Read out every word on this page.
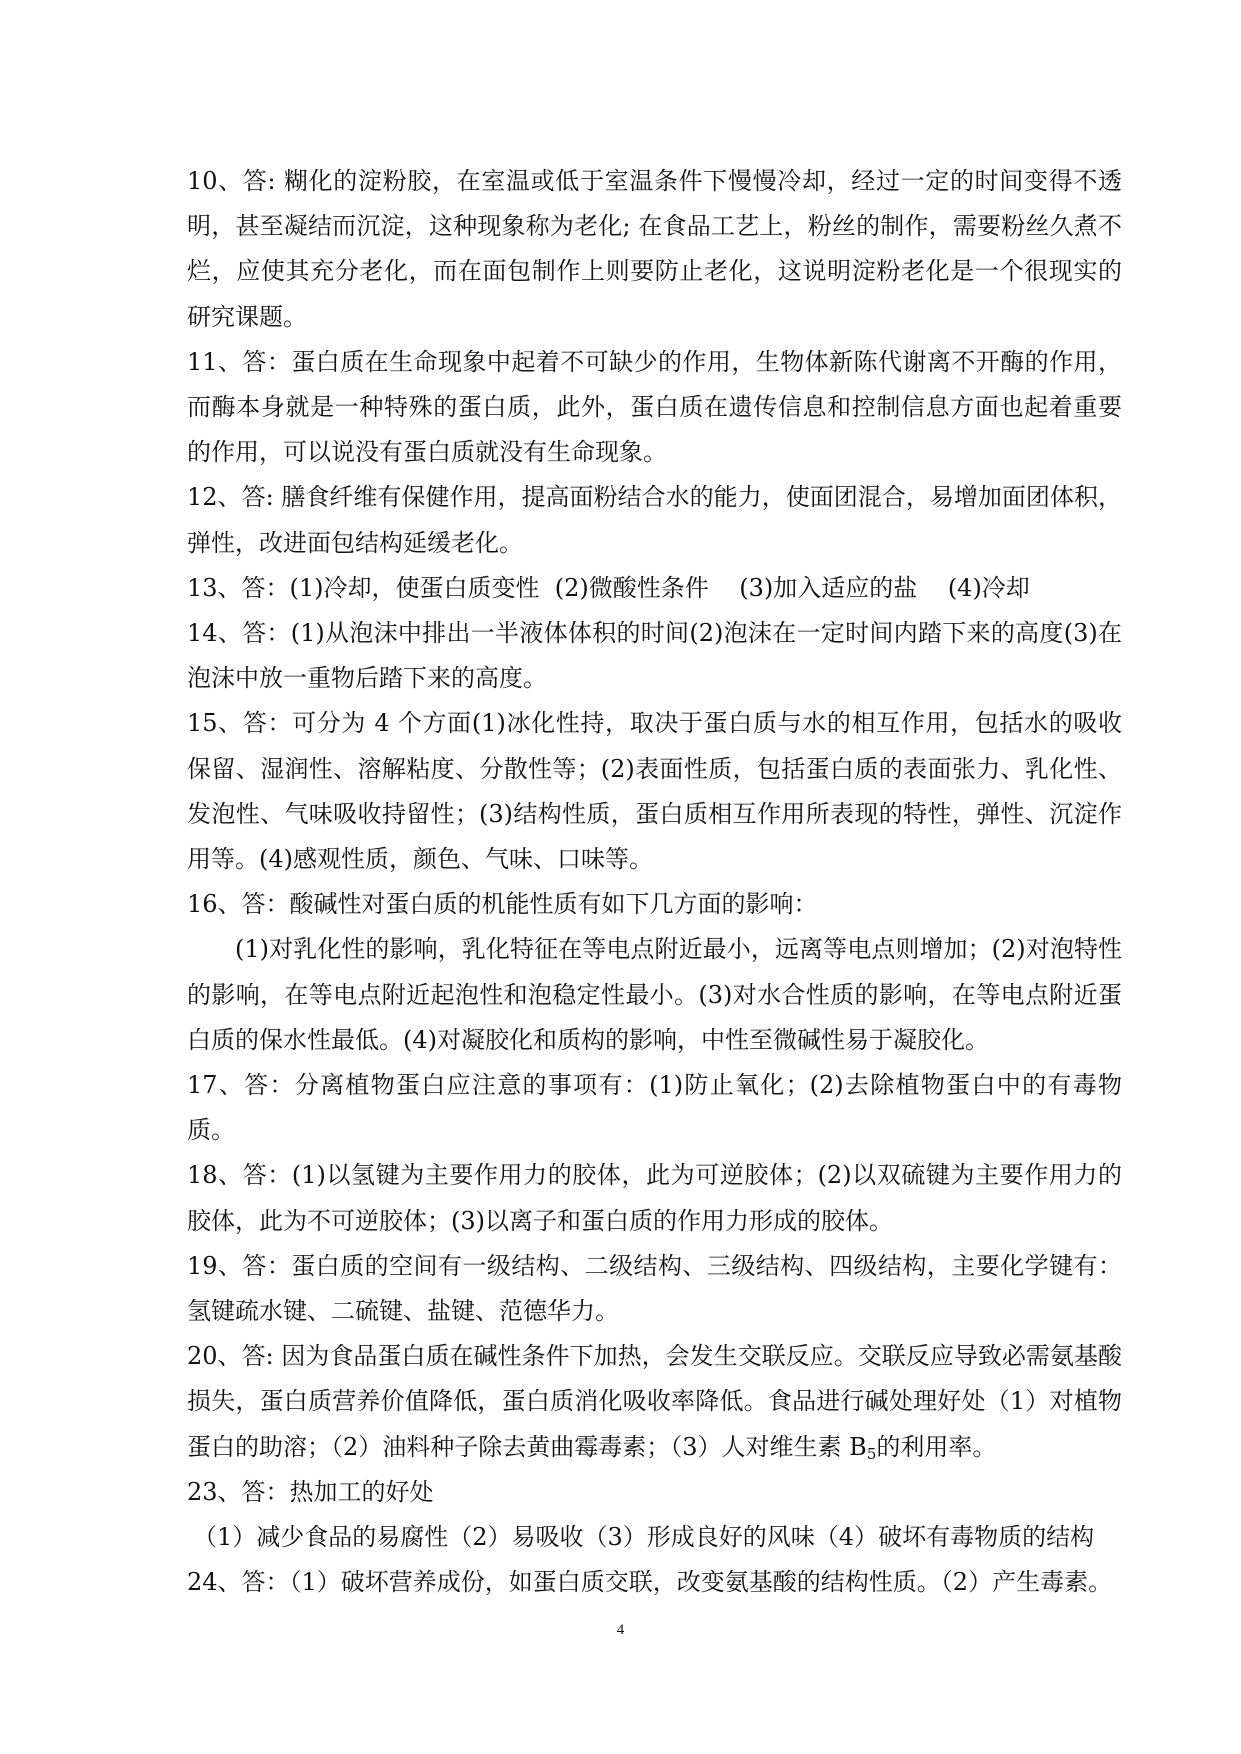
10、答: 糊化的淀粉胶，在室温或低于室温条件下慢慢冷却，经过一定的时间变得不透明，甚至凝结而沉淀，这种现象称为老化; 在食品工艺上，粉丝的制作，需要粉丝久煮不烂，应使其充分老化，而在面包制作上则要防止老化，这说明淀粉老化是一个很现实的研究课题。

11、答：蛋白质在生命现象中起着不可缺少的作用，生物体新陈代谢离不开酶的作用，而酶本身就是一种特殊的蛋白质，此外，蛋白质在遗传信息和控制信息方面也起着重要的作用，可以说没有蛋白质就没有生命现象。

12、答: 膳食纤维有保健作用，提高面粉结合水的能力，使面团混合，易增加面团体积，弹性，改进面包结构延缓老化。

13、答：(1)冷却，使蛋白质变性  (2)微酸性条件    (3)加入适应的盐    (4)冷却

14、答：(1)从泡沫中排出一半液体体积的时间(2)泡沫在一定时间内踏下来的高度(3)在泡沫中放一重物后踏下来的高度。

15、答：可分为 4 个方面(1)冰化性持，取决于蛋白质与水的相互作用，包括水的吸收保留、湿润性、溶解粘度、分散性等；(2)表面性质，包括蛋白质的表面张力、乳化性、发泡性、气味吸收持留性；(3)结构性质，蛋白质相互作用所表现的特性，弹性、沉淀作用等。(4)感观性质，颜色、气味、口味等。

16、答：酸碱性对蛋白质的机能性质有如下几方面的影响：

(1)对乳化性的影响，乳化特征在等电点附近最小，远离等电点则增加；(2)对泡特性的影响，在等电点附近起泡性和泡稳定性最小。(3)对水合性质的影响，在等电点附近蛋白质的保水性最低。(4)对凝胶化和质构的影响，中性至微碱性易于凝胶化。

17、答：分离植物蛋白应注意的事项有：(1)防止氧化；(2)去除植物蛋白中的有毒物质。

18、答：(1)以氢键为主要作用力的胶体，此为可逆胶体；(2)以双硫键为主要作用力的胶体，此为不可逆胶体；(3)以离子和蛋白质的作用力形成的胶体。

19、答：蛋白质的空间有一级结构、二级结构、三级结构、四级结构，主要化学键有：氢键疏水键、二硫键、盐键、范德华力。

20、答: 因为食品蛋白质在碱性条件下加热，会发生交联反应。交联反应导致必需氨基酸损失，蛋白质营养价值降低，蛋白质消化吸收率降低。食品进行碱处理好处（1）对植物蛋白的助溶；（2）油料种子除去黄曲霉毒素；（3）人对维生素 $B_5$的利用率。

23、答：热加工的好处

（1）减少食品的易腐性（2）易吸收（3）形成良好的风味（4）破坏有毒物质的结构

24、答：（1）破坏营养成份，如蛋白质交联，改变氨基酸的结构性质。（2）产生毒素。

4
